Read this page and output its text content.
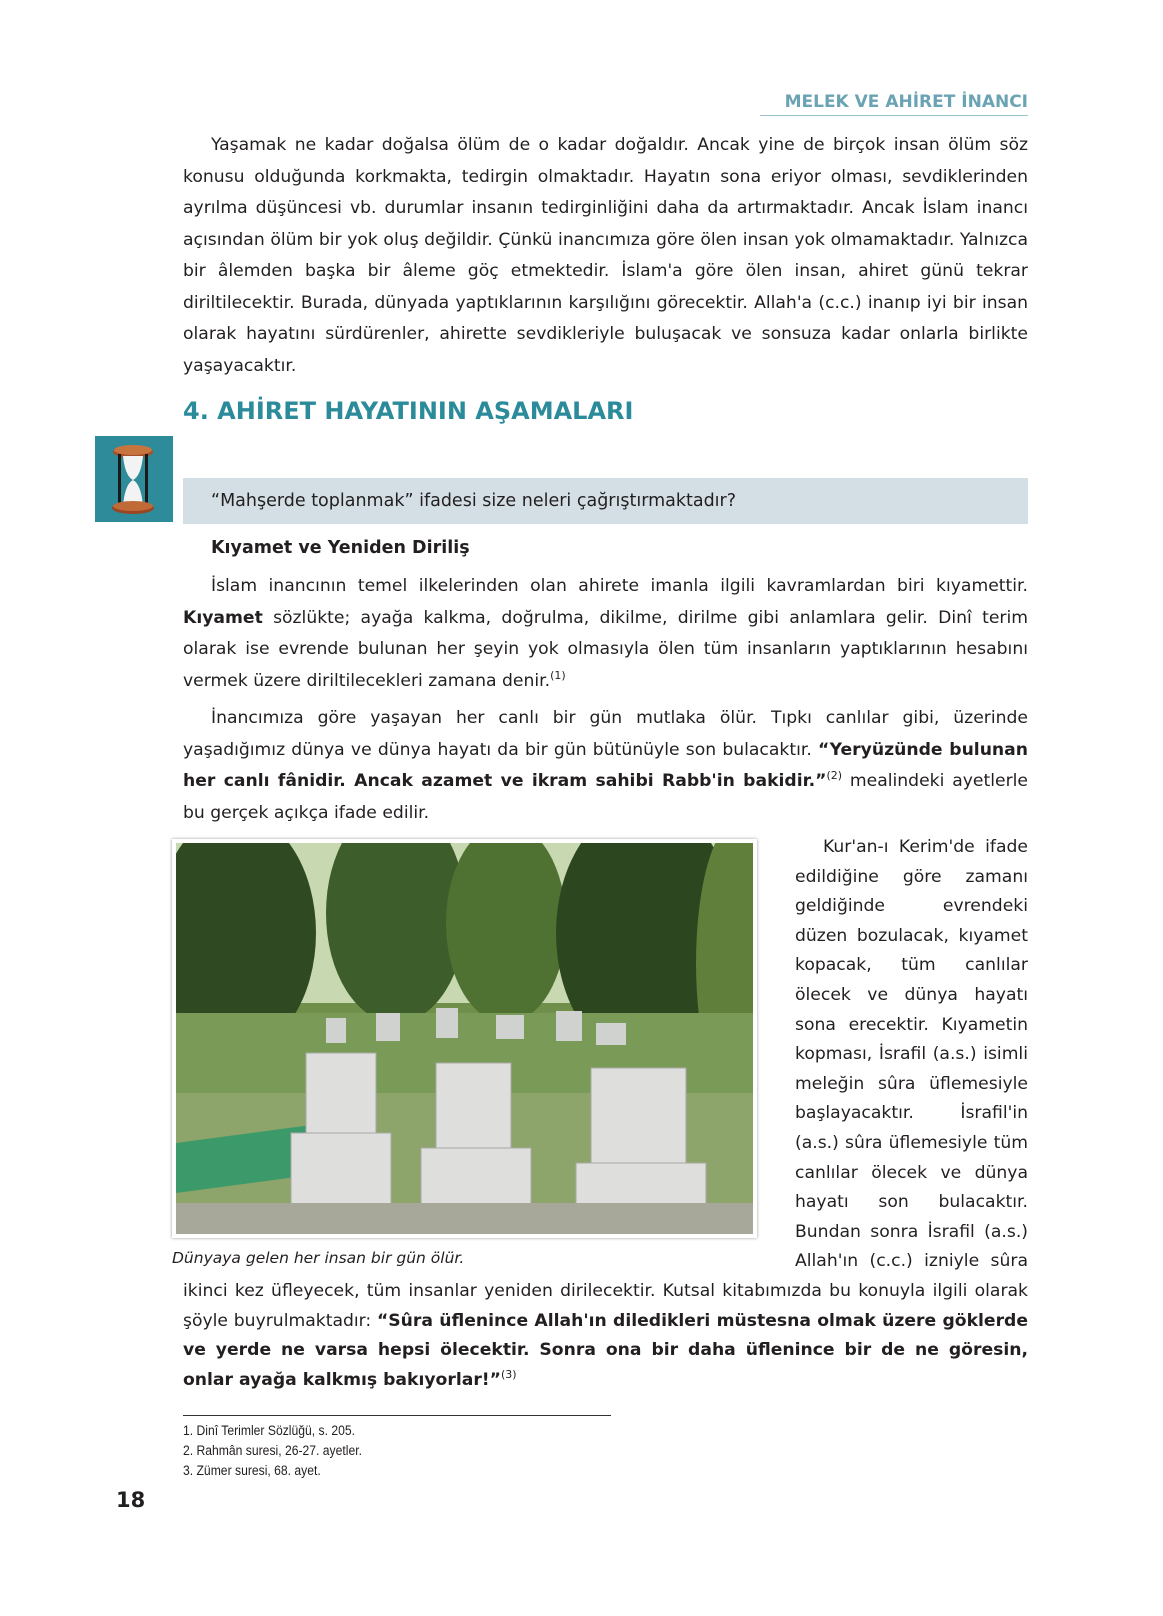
MELEK VE AHİRET İNANCI

Yaşamak ne kadar doğalsa ölüm de o kadar doğaldır. Ancak yine de birçok insan ölüm söz konusu olduğunda korkmakta, tedirgin olmaktadır. Hayatın sona eriyor olması, sevdiklerinden ayrılma düşüncesi vb. durumlar insanın tedirginliğini daha da artırmaktadır. Ancak İslam inancı açısından ölüm bir yok oluş değildir. Çünkü inancımıza göre ölen insan yok olmamaktadır. Yalnızca bir âlemden başka bir âleme göç etmektedir. İslam'a göre ölen insan, ahiret günü tekrar diriltilecektir. Burada, dünyada yaptıklarının karşılığını görecektir. Allah'a (c.c.) inanıp iyi bir insan olarak hayatını sürdürenler, ahirette sevdikleriyle buluşacak ve sonsuza kadar onlarla birlikte yaşayacaktır.

4. AHİRET HAYATININ AŞAMALARI
“Mahşerde toplanmak” ifadesi size neleri çağrıştırmaktadır?
Kıyamet ve Yeniden Diriliş

İslam inancının temel ilkelerinden olan ahirete imanla ilgili kavramlardan biri kıyamettir. Kıyamet sözlükte; ayağa kalkma, doğrulma, dikilme, dirilme gibi anlamlara gelir. Dinî terim olarak ise evrende bulunan her şeyin yok olmasıyla ölen tüm insanların yaptıklarının hesabını vermek üzere diriltilecekleri zamana denir.$^{(1)}$

İnancımıza göre yaşayan her canlı bir gün mutlaka ölür. Tıpkı canlılar gibi, üzerinde yaşadığımız dünya ve dünya hayatı da bir gün bütünüyle son bulacaktır. “Yeryüzünde bulunan her canlı fânidir. Ancak azamet ve ikram sahibi Rabb'in bakidir.”$^{(2)}$ mealindeki ayetlerle bu gerçek açıkça ifade edilir.

Dünyaya gelen her insan bir gün ölür.

Kur'an-ı Kerim'de ifade edildiğine göre zamanı geldiğinde evrendeki düzen bozulacak, kıyamet kopacak, tüm canlılar ölecek ve dünya hayatı sona erecektir. Kıyametin kopması, İsrafil (a.s.) isimli meleğin sûra üflemesiyle başlayacaktır. İsrafil'in (a.s.) sûra üflemesiyle tüm canlılar ölecek ve dünya hayatı son bulacaktır. Bundan sonra İsrafil (a.s.) Allah'ın (c.c.) izniyle sûra ikinci kez üfleyecek, tüm insanlar yeniden dirilecektir. Kutsal kitabımızda bu konuyla ilgili olarak şöyle buyrulmaktadır: “Sûra üflenince Allah'ın diledikleri müstesna olmak üzere göklerde ve yerde ne varsa hepsi ölecektir. Sonra ona bir daha üflenince bir de ne göresin, onlar ayağa kalkmış bakıyorlar!”$^{(3)}$

1. Dinî Terimler Sözlüğü, s. 205.
2. Rahmân suresi, 26-27. ayetler.
3. Zümer suresi, 68. ayet.
18
